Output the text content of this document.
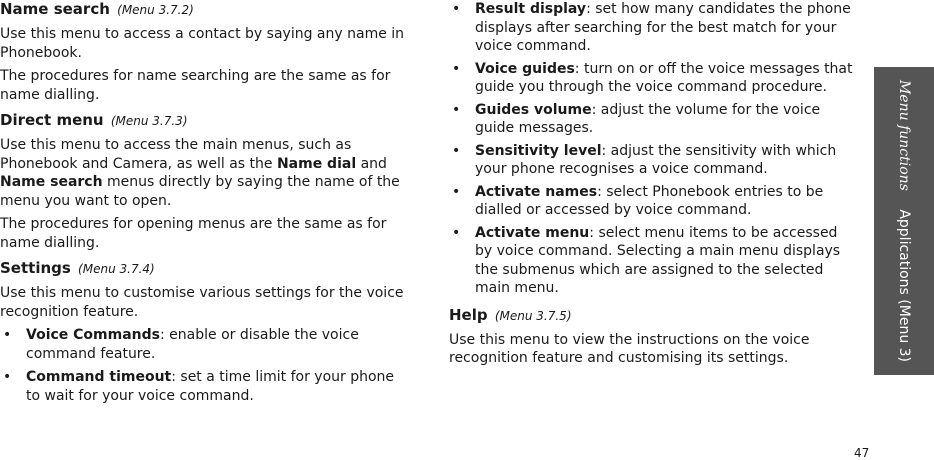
Name search (Menu 3.7.2)

Use this menu to access a contact by saying any name in Phonebook.

The procedures for name searching are the same as for name dialling.

Direct menu (Menu 3.7.3)

Use this menu to access the main menus, such as Phonebook and Camera, as well as the Name dial and Name search menus directly by saying the name of the menu you want to open.

The procedures for opening menus are the same as for name dialling.

Settings (Menu 3.7.4)

Use this menu to customise various settings for the voice recognition feature.

• Voice Commands: enable or disable the voice command feature.
• Command timeout: set a time limit for your phone to wait for your voice command.
• Result display: set how many candidates the phone displays after searching for the best match for your voice command.
• Voice guides: turn on or off the voice messages that guide you through the voice command procedure.
• Guides volume: adjust the volume for the voice guide messages.
• Sensitivity level: adjust the sensitivity with which your phone recognises a voice command.
• Activate names: select Phonebook entries to be dialled or accessed by voice command.
• Activate menu: select menu items to be accessed by voice command. Selecting a main menu displays the submenus which are assigned to the selected main menu.
Help (Menu 3.7.5)

Use this menu to view the instructions on the voice recognition feature and customising its settings.

Menu functions Applications (Menu 3)
47
